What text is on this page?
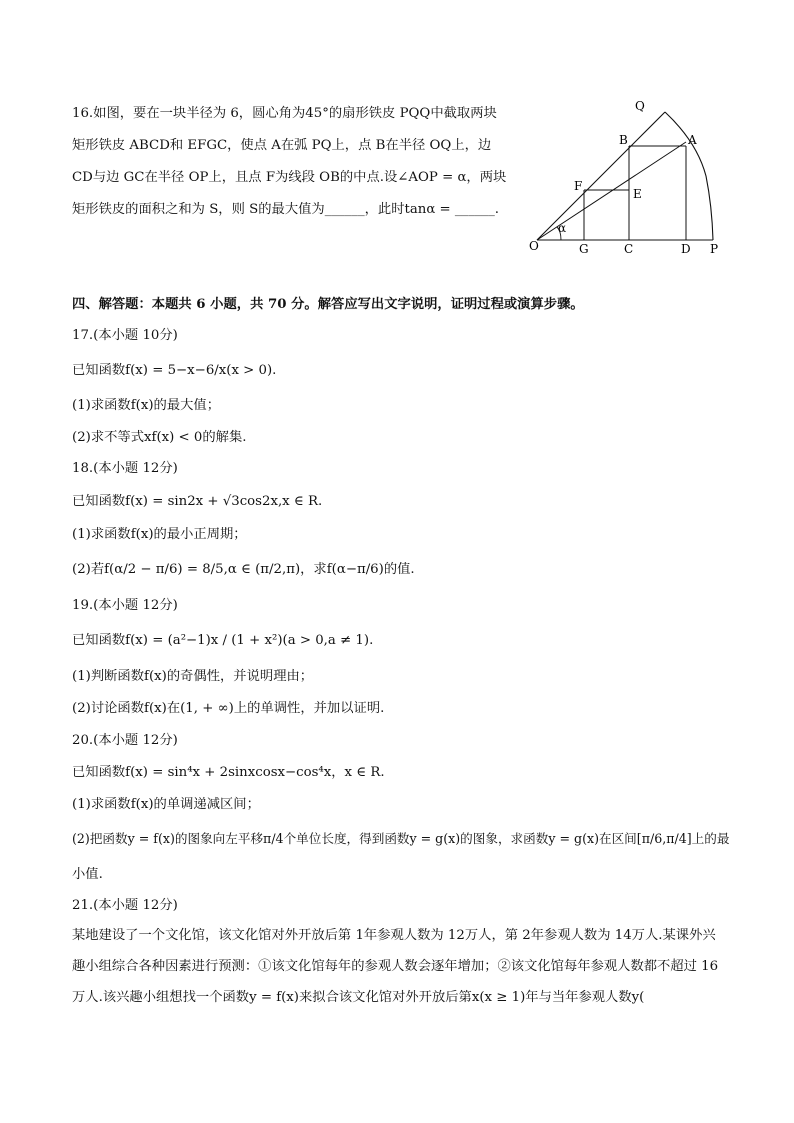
16.如图，要在一块半径为 6，圆心角为45°的扇形铁皮 PQQ中截取两块
矩形铁皮 ABCD和 EFGC，使点 A在弧 PQ上，点 B在半径 OQ上，边
CD与边 GC在半径 OP上，且点 F为线段 OB的中点.设∠AOP = α，两块
矩形铁皮的面积之和为 S，则 S的最大值为______，此时tanα = ______.
Q
B	A
F
E
O
α
G	C	D P
四、解答题：本题共 6 小题，共 70 分。解答应写出文字说明，证明过程或演算步骤。
17.(本小题 10分)
已知函数f(x) = 5−x−6/x(x > 0).
(1)求函数f(x)的最大值；
(2)求不等式xf(x) < 0的解集.
18.(本小题 12分)
已知函数f(x) = sin2x + √3cos2x,x ∈ R.
(1)求函数f(x)的最小正周期；
(2)若f(α/2 − π/6) = 8/5,α ∈ (π/2,π)，求f(α−π/6)的值.
19.(本小题 12分)
已知函数f(x) = (a²−1)x / (1 + x²)(a > 0,a ≠ 1).
(1)判断函数f(x)的奇偶性，并说明理由；
(2)讨论函数f(x)在(1, + ∞)上的单调性，并加以证明.
20.(本小题 12分)
已知函数f(x) = sin⁴x + 2sinxcosx−cos⁴x，x ∈ R.
(1)求函数f(x)的单调递减区间；
(2)把函数y = f(x)的图象向左平移π/4个单位长度，得到函数y = g(x)的图象，求函数y = g(x)在区间[π/6,π/4]上的最
小值.
21.(本小题 12分)
某地建设了一个文化馆，该文化馆对外开放后第 1年参观人数为 12万人，第 2年参观人数为 14万人.某课外兴趣小组综合各种因素进行预测：①该文化馆每年的参观人数会逐年增加；②该文化馆每年参观人数都不超过 16万人.该兴趣小组想找一个函数y = f(x)来拟合该文化馆对外开放后第x(x ≥ 1)年与当年参观人数y(
